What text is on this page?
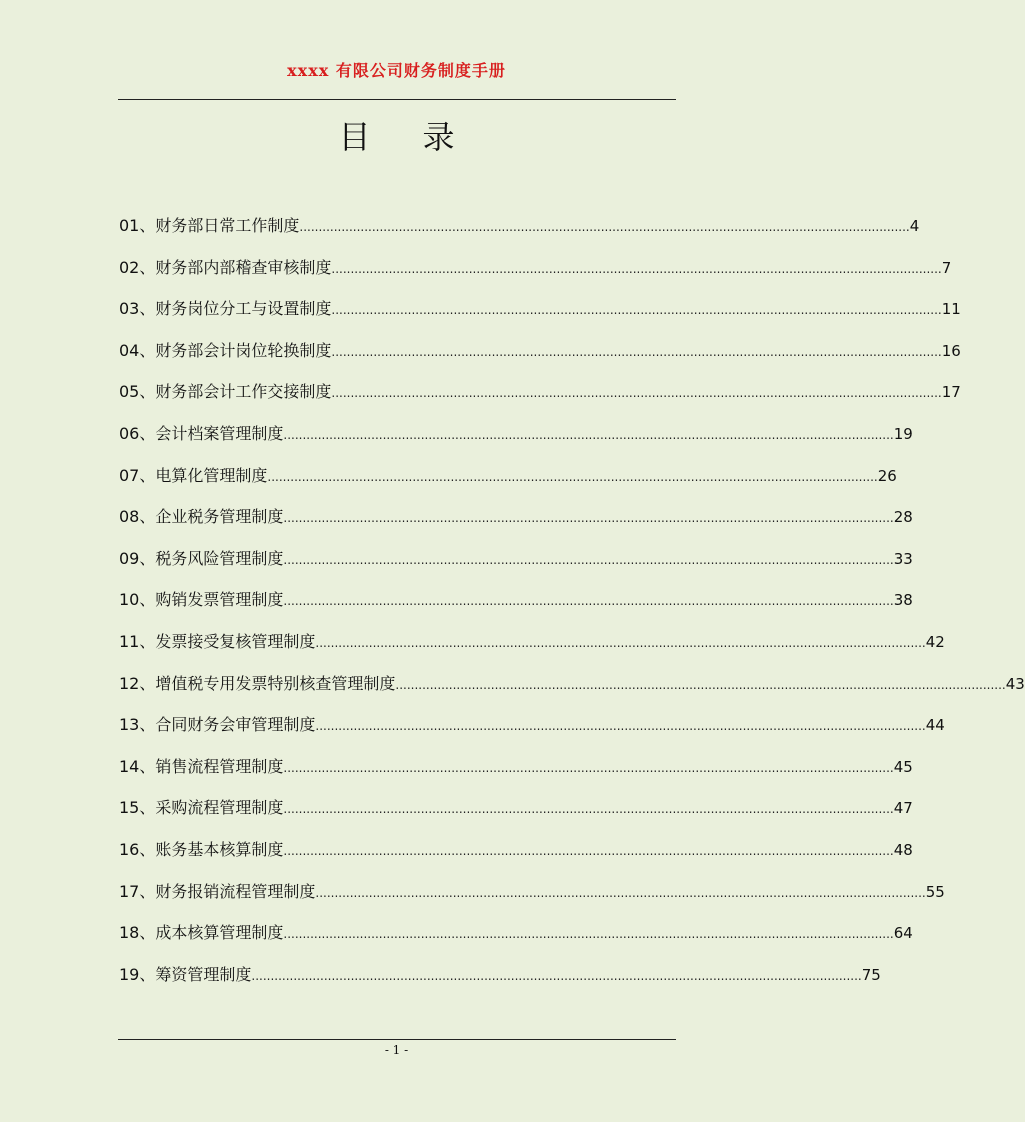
xxxx 有限公司财务制度手册
目 录
01、 财务部日常工作制度 ................................................................................................................................................................ 4
02、 财务部内部稽查审核制度 ................................................................................................................................................................ 7
03、 财务岗位分工与设置制度 ................................................................................................................................................................ 11
04、 财务部会计岗位轮换制度 ................................................................................................................................................................ 16
05、 财务部会计工作交接制度 ................................................................................................................................................................ 17
06、 会计档案管理制度 ................................................................................................................................................................ 19
07、 电算化管理制度 ................................................................................................................................................................ 26
08、 企业税务管理制度 ................................................................................................................................................................ 28
09、 税务风险管理制度 ................................................................................................................................................................ 33
10、 购销发票管理制度 ................................................................................................................................................................ 38
11、 发票接受复核管理制度 ................................................................................................................................................................ 42
12、 增值税专用发票特别核查管理制度 ................................................................................................................................................................ 43
13、 合同财务会审管理制度 ................................................................................................................................................................ 44
14、 销售流程管理制度 ................................................................................................................................................................ 45
15、 采购流程管理制度 ................................................................................................................................................................ 47
16、 账务基本核算制度 ................................................................................................................................................................ 48
17、 财务报销流程管理制度 ................................................................................................................................................................ 55
18、 成本核算管理制度 ................................................................................................................................................................ 64
19、 筹资管理制度 ................................................................................................................................................................ 75
- 1 -
